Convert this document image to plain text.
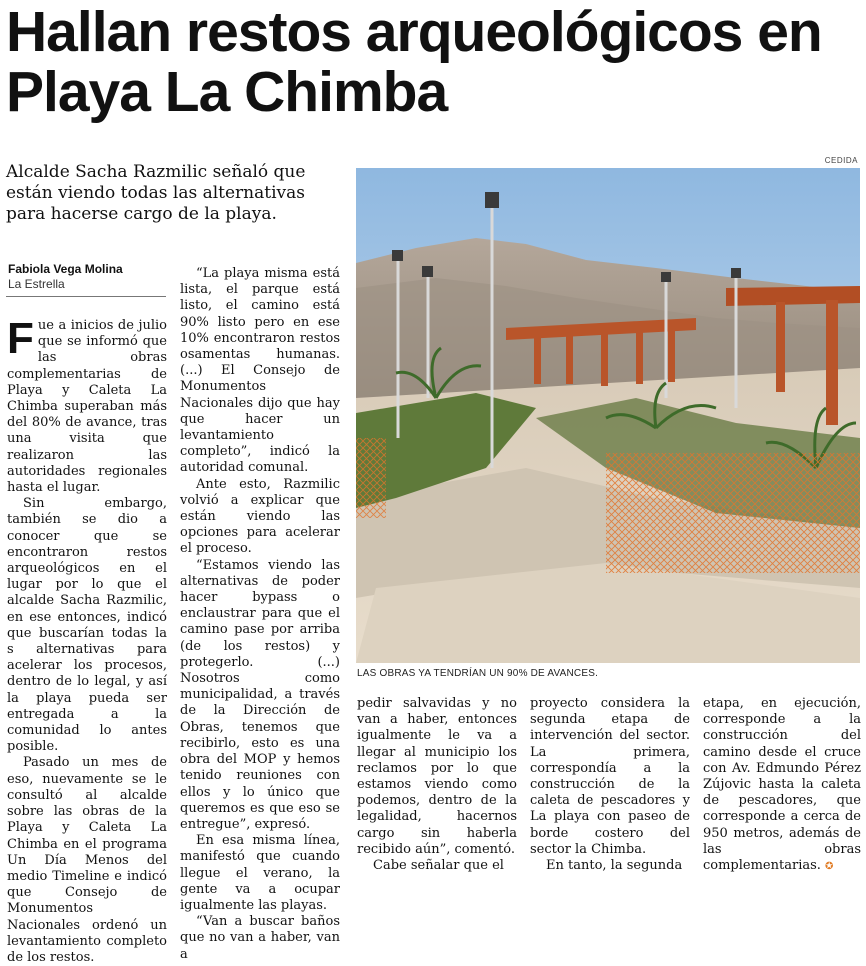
Hallan restos arqueológicos en Playa La Chimba

Alcalde Sacha Razmilic señaló que están viendo todas las alternativas para hacerse cargo de la playa.

Fabiola Vega Molina
La Estrella

Fue a inicios de julio que se informó que las obras complementarias de Playa y Caleta La Chimba superaban más del 80% de avance, tras una visita que realizaron las autoridades regionales hasta el lugar.

Sin embargo, también se dio a conocer que se encontraron restos arqueológicos en el lugar por lo que el alcalde Sacha Razmilic, en ese entonces, indicó que buscarían todas la s alternativas para acelerar los procesos, dentro de lo legal, y así la playa pueda ser entregada a la comunidad lo antes posible.

Pasado un mes de eso, nuevamente se le consultó al alcalde sobre las obras de la Playa y Caleta La Chimba en el programa Un Día Menos del medio Timeline e indicó que Consejo de Monumentos Nacionales ordenó un levantamiento completo de los restos.

“La playa misma está lista, el parque está listo, el camino está 90% listo pero en ese 10% encontraron restos osamentas humanas. (...) El Consejo de Monumentos Nacionales dijo que hay que hacer un levantamiento completo”, indicó la autoridad comunal.

Ante esto, Razmilic volvió a explicar que están viendo las opciones para acelerar el proceso.

“Estamos viendo las alternativas de poder hacer bypass o enclaustrar para que el camino pase por arriba (de los restos) y protegerlo. (...) Nosotros como municipalidad, a través de la Dirección de Obras, tenemos que recibirlo, esto es una obra del MOP y hemos tenido reuniones con ellos y lo único que queremos es que eso se entregue”, expresó.

En esa misma línea, manifestó que cuando llegue el verano, la gente va a ocupar igualmente las playas.

“Van a buscar baños que no van a haber, van a

CEDIDA
LAS OBRAS YA TENDRÍAN UN 90% DE AVANCES.

pedir salvavidas y no van a haber, entonces igualmente le va a llegar al municipio los reclamos por lo que estamos viendo como podemos, dentro de la legalidad, hacernos cargo sin haberla recibido aún”, comentó.

Cabe señalar que el

proyecto considera la segunda etapa de intervención del sector. La primera, correspondía a la construcción de la caleta de pescadores y La playa con paseo de borde costero del sector la Chimba.

En tanto, la segunda

etapa, en ejecución, corresponde a la construcción del camino desde el cruce con Av. Edmundo Pérez Zújovic hasta la caleta de pescadores, que corresponde a cerca de 950 metros, además de las obras complementarias. ✪
